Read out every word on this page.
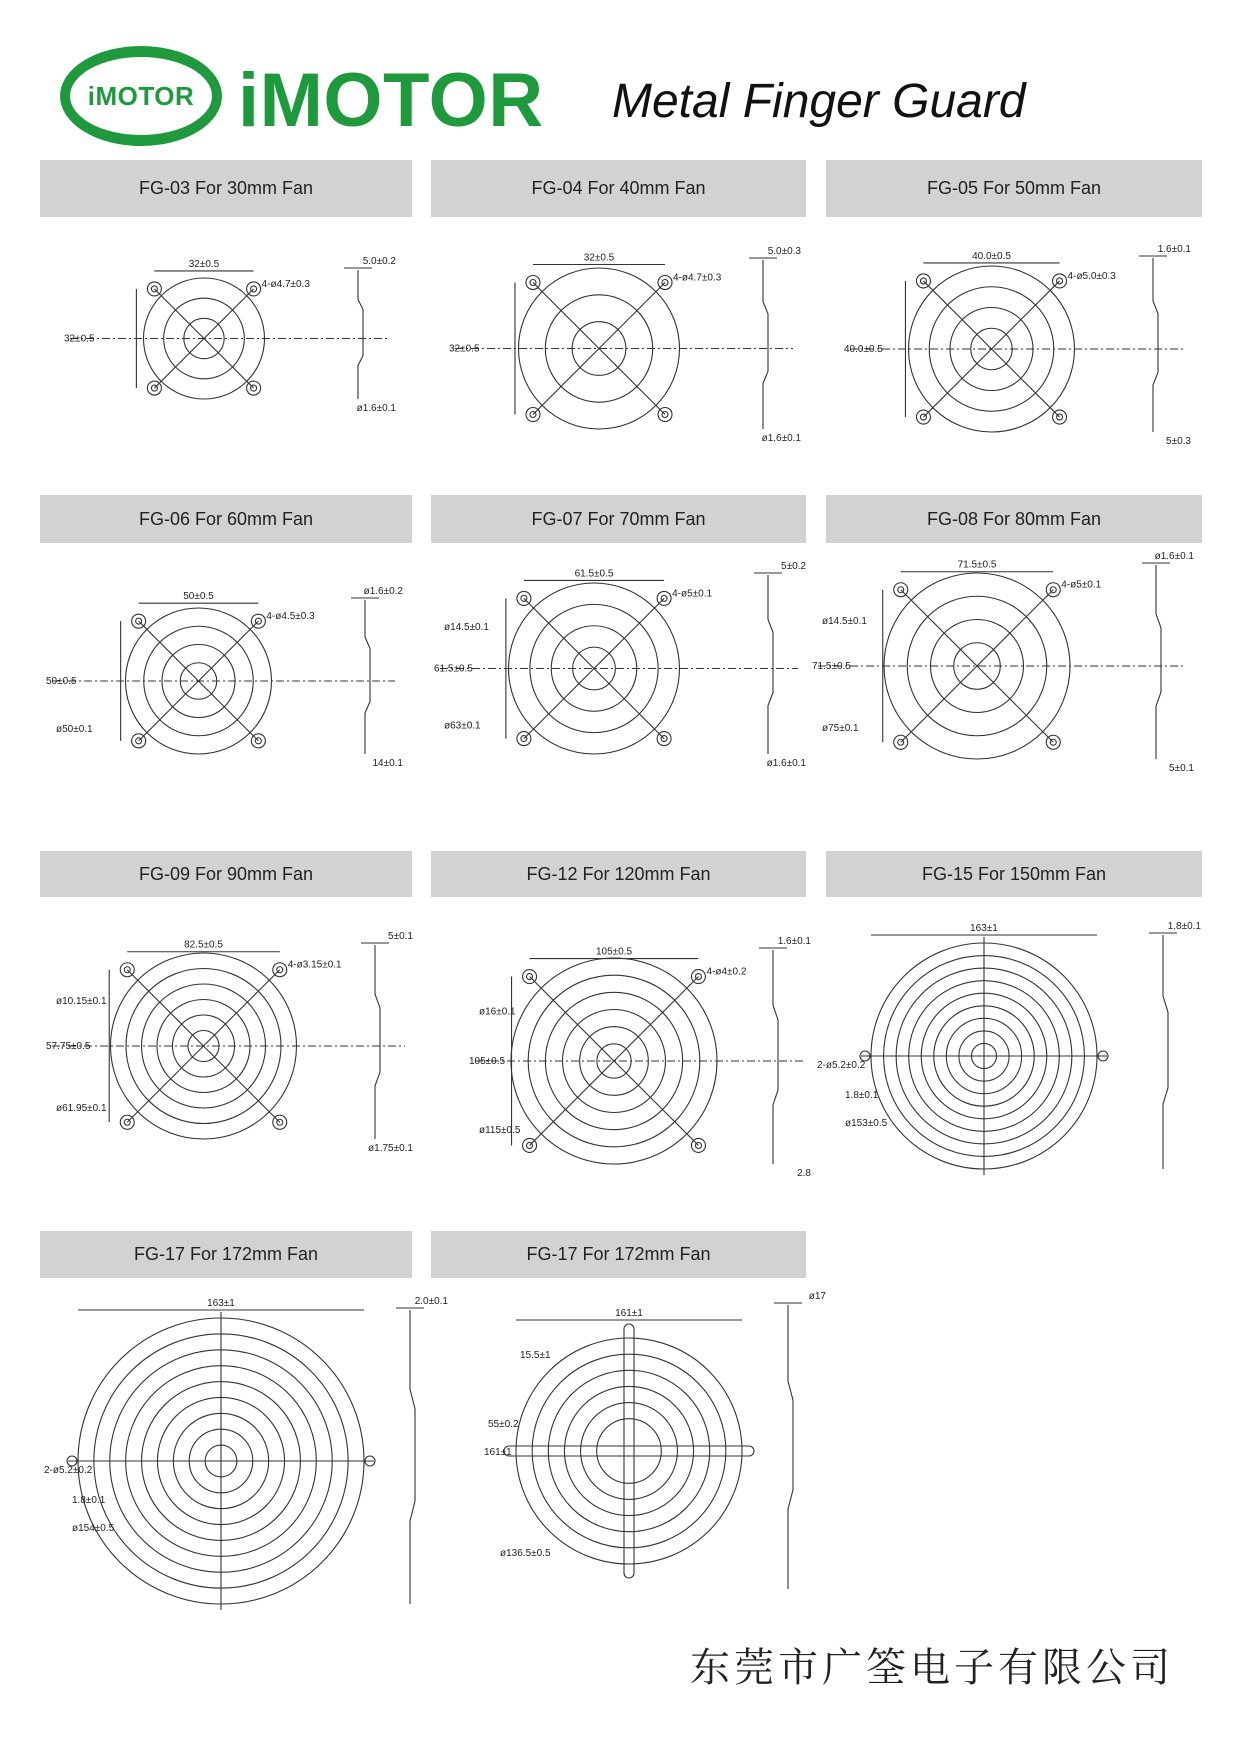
iMOTOR iMOTOR Metal Finger Guard
FG-03 For 30mm Fan	FG-04 For 40mm Fan	FG-05 For 50mm Fan
FG-06 For 60mm Fan	FG-07 For 70mm Fan	FG-08 For 80mm Fan
FG-09 For 90mm Fan	FG-12 For 120mm Fan	FG-15 For 150mm Fan
FG-17 For 172mm Fan	FG-17 For 172mm Fan
32±0.5
32±0.5
4-ø4.7±0.3
5.0±0.2
ø1.6±0.1
32±0.5
32±0.5
4-ø4.7±0.3
5.0±0.3
ø1.6±0.1
40.0±0.5
40.0±0.5
4-ø5.0±0.3
1.6±0.1
5±0.3
50±0.5
50±0.5
4-ø4.5±0.3
ø50±0.1
ø1.6±0.2
14±0.1
61.5±0.5
61.5±0.5
4-ø5±0.1
ø14.5±0.1
ø63±0.1
5±0.2
ø1.6±0.1
71.5±0.5
71.5±0.5
4-ø5±0.1
ø14.5±0.1
ø75±0.1
ø1.6±0.1
5±0.1
82.5±0.5
57.75±0.5
4-ø3.15±0.1
ø10.15±0.1
ø61.95±0.1
5±0.1
ø1.75±0.1
105±0.5
105±0.5
4-ø4±0.2
ø16±0.1
ø115±0.5
1.6±0.1
2.8
163±1
2-ø5.2±0.2
1.8±0.1
ø153±0.5
1.8±0.1
163±1
2-ø5.2±0.2
1.8±0.1
ø154±0.5
2.0±0.1
161±1
161±1
15.5±1
ø136.5±0.5
55±0.2
ø17
东莞市广筌电子有限公司
